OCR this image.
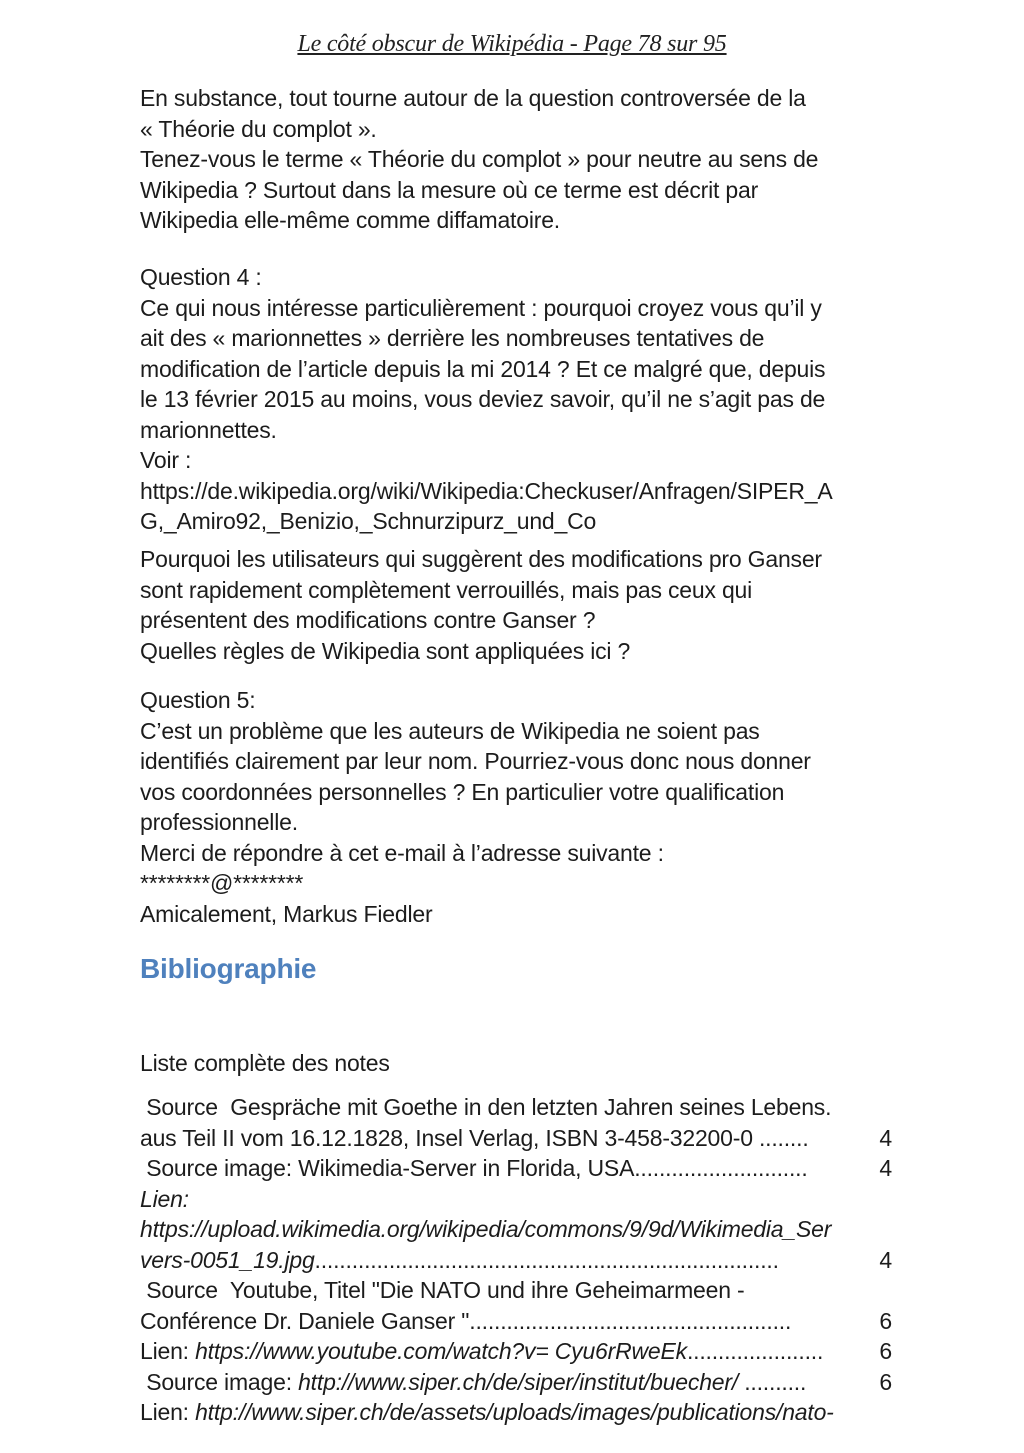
Le côté obscur de Wikipédia - Page 78 sur 95
En substance, tout tourne autour de la question controversée de la
« Théorie du complot ».
Tenez-vous le terme « Théorie du complot » pour neutre au sens de
Wikipedia ? Surtout dans la mesure où ce terme est décrit par
Wikipedia elle-même comme diffamatoire.
Question 4 :
Ce qui nous intéresse particulièrement : pourquoi croyez vous qu’il y
ait des « marionnettes » derrière les nombreuses tentatives de
modification de l’article depuis la mi 2014 ? Et ce malgré que, depuis
le 13 février 2015 au moins, vous deviez savoir, qu’il ne s’agit pas de
marionnettes.
Voir :
https://de.wikipedia.org/wiki/Wikipedia:Checkuser/Anfragen/SIPER_A
G,_Amiro92,_Benizio,_Schnurzipurz_und_Co
Pourquoi les utilisateurs qui suggèrent des modifications pro Ganser
sont rapidement complètement verrouillés, mais pas ceux qui
présentent des modifications contre Ganser ?
Quelles règles de Wikipedia sont appliquées ici ?
Question 5:
C’est un problème que les auteurs de Wikipedia ne soient pas
identifiés clairement par leur nom. Pourriez-vous donc nous donner
vos coordonnées personnelles ? En particulier votre qualification
professionnelle.
Merci de répondre à cet e-mail à l’adresse suivante :
********@********
Amicalement, Markus Fiedler
Bibliographie
Liste complète des notes
Source  Gespräche mit Goethe in den letzten Jahren seines Lebens.
aus Teil II vom 16.12.1828, Insel Verlag, ISBN 3-458-32200-0 ........	4
Source image: Wikimedia-Server in Florida, USA............................	4
Lien:
https://upload.wikimedia.org/wikipedia/commons/9/9d/Wikimedia_Ser
vers-0051_19.jpg...........................................................................	4
Source  Youtube, Titel "Die NATO und ihre Geheimarmeen -
Conférence Dr. Daniele Ganser "....................................................	6
Lien: https://www.youtube.com/watch?v= Cyu6rRweEk...................... 6
Source image: http://www.siper.ch/de/siper/institut/buecher/ ..........	6
Lien: http://www.siper.ch/de/assets/uploads/images/publications/nato-
